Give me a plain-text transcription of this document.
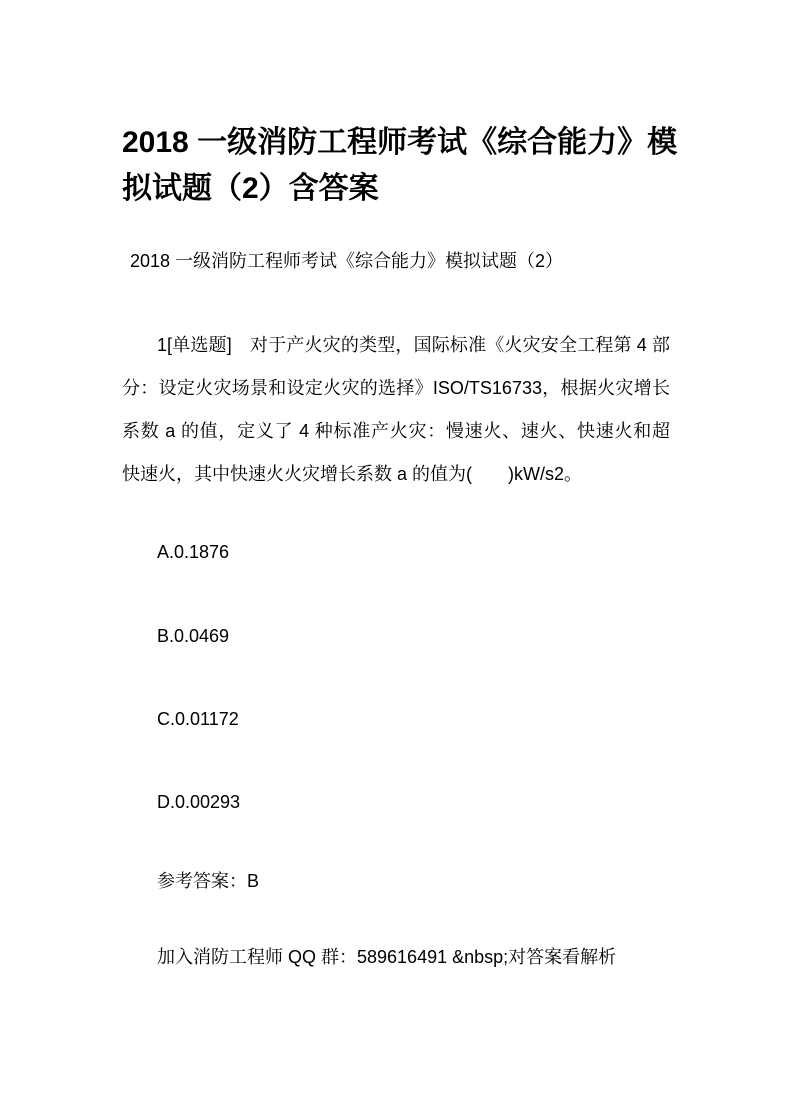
2018 一级消防工程师考试《综合能力》模
拟试题（2）含答案

2018 一级消防工程师考试《综合能力》模拟试题（2）

1[单选题]　对于产火灾的类型，国际标准《火灾安全工程第 4 部
分：设定火灾场景和设定火灾的选择》ISO/TS16733，根据火灾增长
系数 a 的值，定义了 4 种标准产火灾：慢速火、速火、快速火和超
快速火，其中快速火火灾增长系数 a 的值为(　　)kW/s2。

A.0.1876

B.0.0469

C.0.01172

D.0.00293

参考答案：B

加入消防工程师 QQ 群：589616491 &nbsp;对答案看解析
